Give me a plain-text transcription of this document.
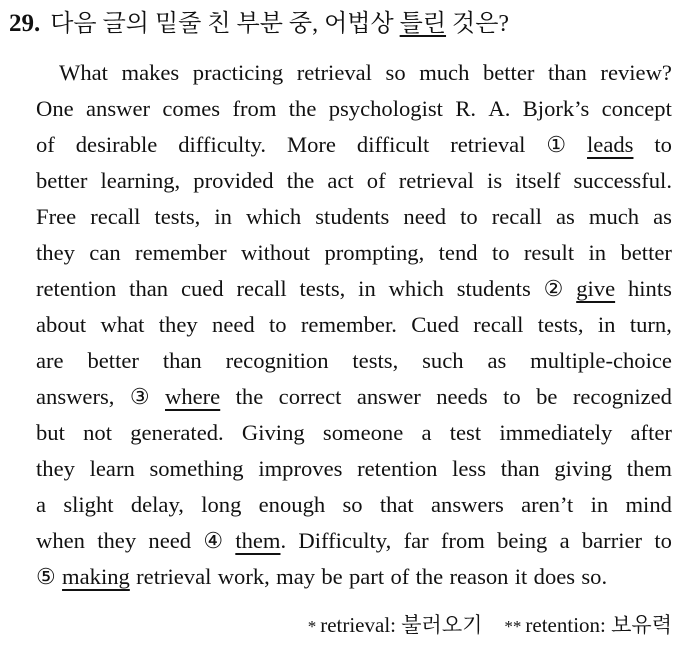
29. 다음 글의 밑줄 친 부분 중, 어법상 틀린 것은?
What makes practicing retrieval so much better than review?
One answer comes from the psychologist R. A. Bjork’s concept
of desirable difficulty. More difficult retrieval ① leads to
better learning, provided the act of retrieval is itself successful.
Free recall tests, in which students need to recall as much as
they can remember without prompting, tend to result in better
retention than cued recall tests, in which students ② give hints
about what they need to remember. Cued recall tests, in turn,
are better than recognition tests, such as multiple-choice
answers, ③ where the correct answer needs to be recognized
but not generated. Giving someone a test immediately after
they learn something improves retention less than giving them
a slight delay, long enough so that answers aren’t in mind
when they need ④ them. Difficulty, far from being a barrier to
⑤ making retrieval work, may be part of the reason it does so.
* retrieval: 불러오기 ** retention: 보유력
